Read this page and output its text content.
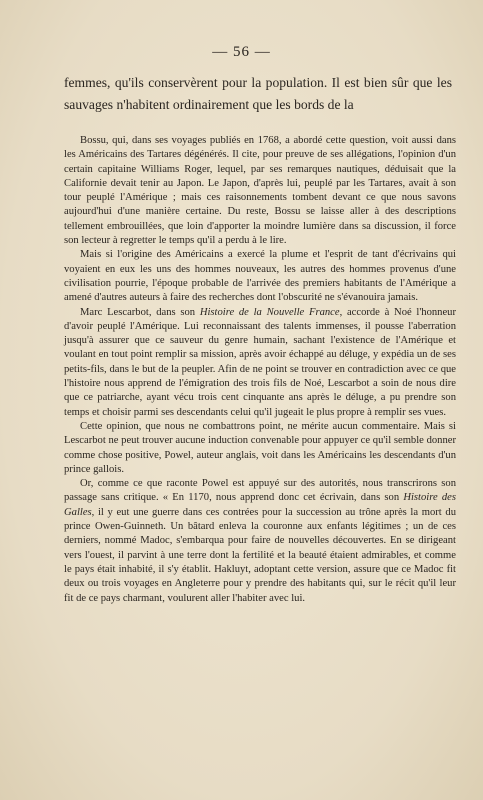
— 56 —

femmes, qu'ils conservèrent pour la population. Il est bien sûr que les sauvages n'habitent ordinairement que les bords de la

Bossu, qui, dans ses voyages publiés en 1768, a abordé cette question, voit aussi dans les Américains des Tartares dégénérés. Il cite, pour preuve de ses allégations, l'opinion d'un certain capitaine Williams Roger, lequel, par ses remarques nautiques, déduisait que la Californie devait tenir au Japon. Le Japon, d'après lui, peuplé par les Tartares, avait à son tour peuplé l'Amérique ; mais ces raisonnements tombent devant ce que nous savons aujourd'hui d'une manière certaine. Du reste, Bossu se laisse aller à des descriptions tellement embrouillées, que loin d'apporter la moindre lumière dans sa discussion, il force son lecteur à regretter le temps qu'il a perdu à le lire.

Mais si l'origine des Américains a exercé la plume et l'esprit de tant d'écrivains qui voyaient en eux les uns des hommes nouveaux, les autres des hommes provenus d'une civilisation pourrie, l'époque probable de l'arrivée des premiers habitants de l'Amérique a amené d'autres auteurs à faire des recherches dont l'obscurité ne s'évanouira jamais.

Marc Lescarbot, dans son Histoire de la Nouvelle France, accorde à Noé l'honneur d'avoir peuplé l'Amérique. Lui reconnaissant des talents immenses, il pousse l'aberration jusqu'à assurer que ce sauveur du genre humain, sachant l'existence de l'Amérique et voulant en tout point remplir sa mission, après avoir échappé au déluge, y expédia un de ses petits-fils, dans le but de la peupler. Afin de ne point se trouver en contradiction avec ce que l'histoire nous apprend de l'émigration des trois fils de Noé, Lescarbot a soin de nous dire que ce patriarche, ayant vécu trois cent cinquante ans après le déluge, a pu prendre son temps et choisir parmi ses descendants celui qu'il jugeait le plus propre à remplir ses vues.

Cette opinion, que nous ne combattrons point, ne mérite aucun commentaire. Mais si Lescarbot ne peut trouver aucune induction convenable pour appuyer ce qu'il semble donner comme chose positive, Powel, auteur anglais, voit dans les Américains les descendants d'un prince gallois.

Or, comme ce que raconte Powel est appuyé sur des autorités, nous transcrirons son passage sans critique. « En 1170, nous apprend donc cet écrivain, dans son Histoire des Galles, il y eut une guerre dans ces contrées pour la succession au trône après la mort du prince Owen-Guinneth. Un bâtard enleva la couronne aux enfants légitimes ; un de ces derniers, nommé Madoc, s'embarqua pour faire de nouvelles découvertes. En se dirigeant vers l'ouest, il parvint à une terre dont la fertilité et la beauté étaient admirables, et comme le pays était inhabité, il s'y établit. Hakluyt, adoptant cette version, assure que ce Madoc fit deux ou trois voyages en Angleterre pour y prendre des habitants qui, sur le récit qu'il leur fit de ce pays charmant, voulurent aller l'habiter avec lui.
